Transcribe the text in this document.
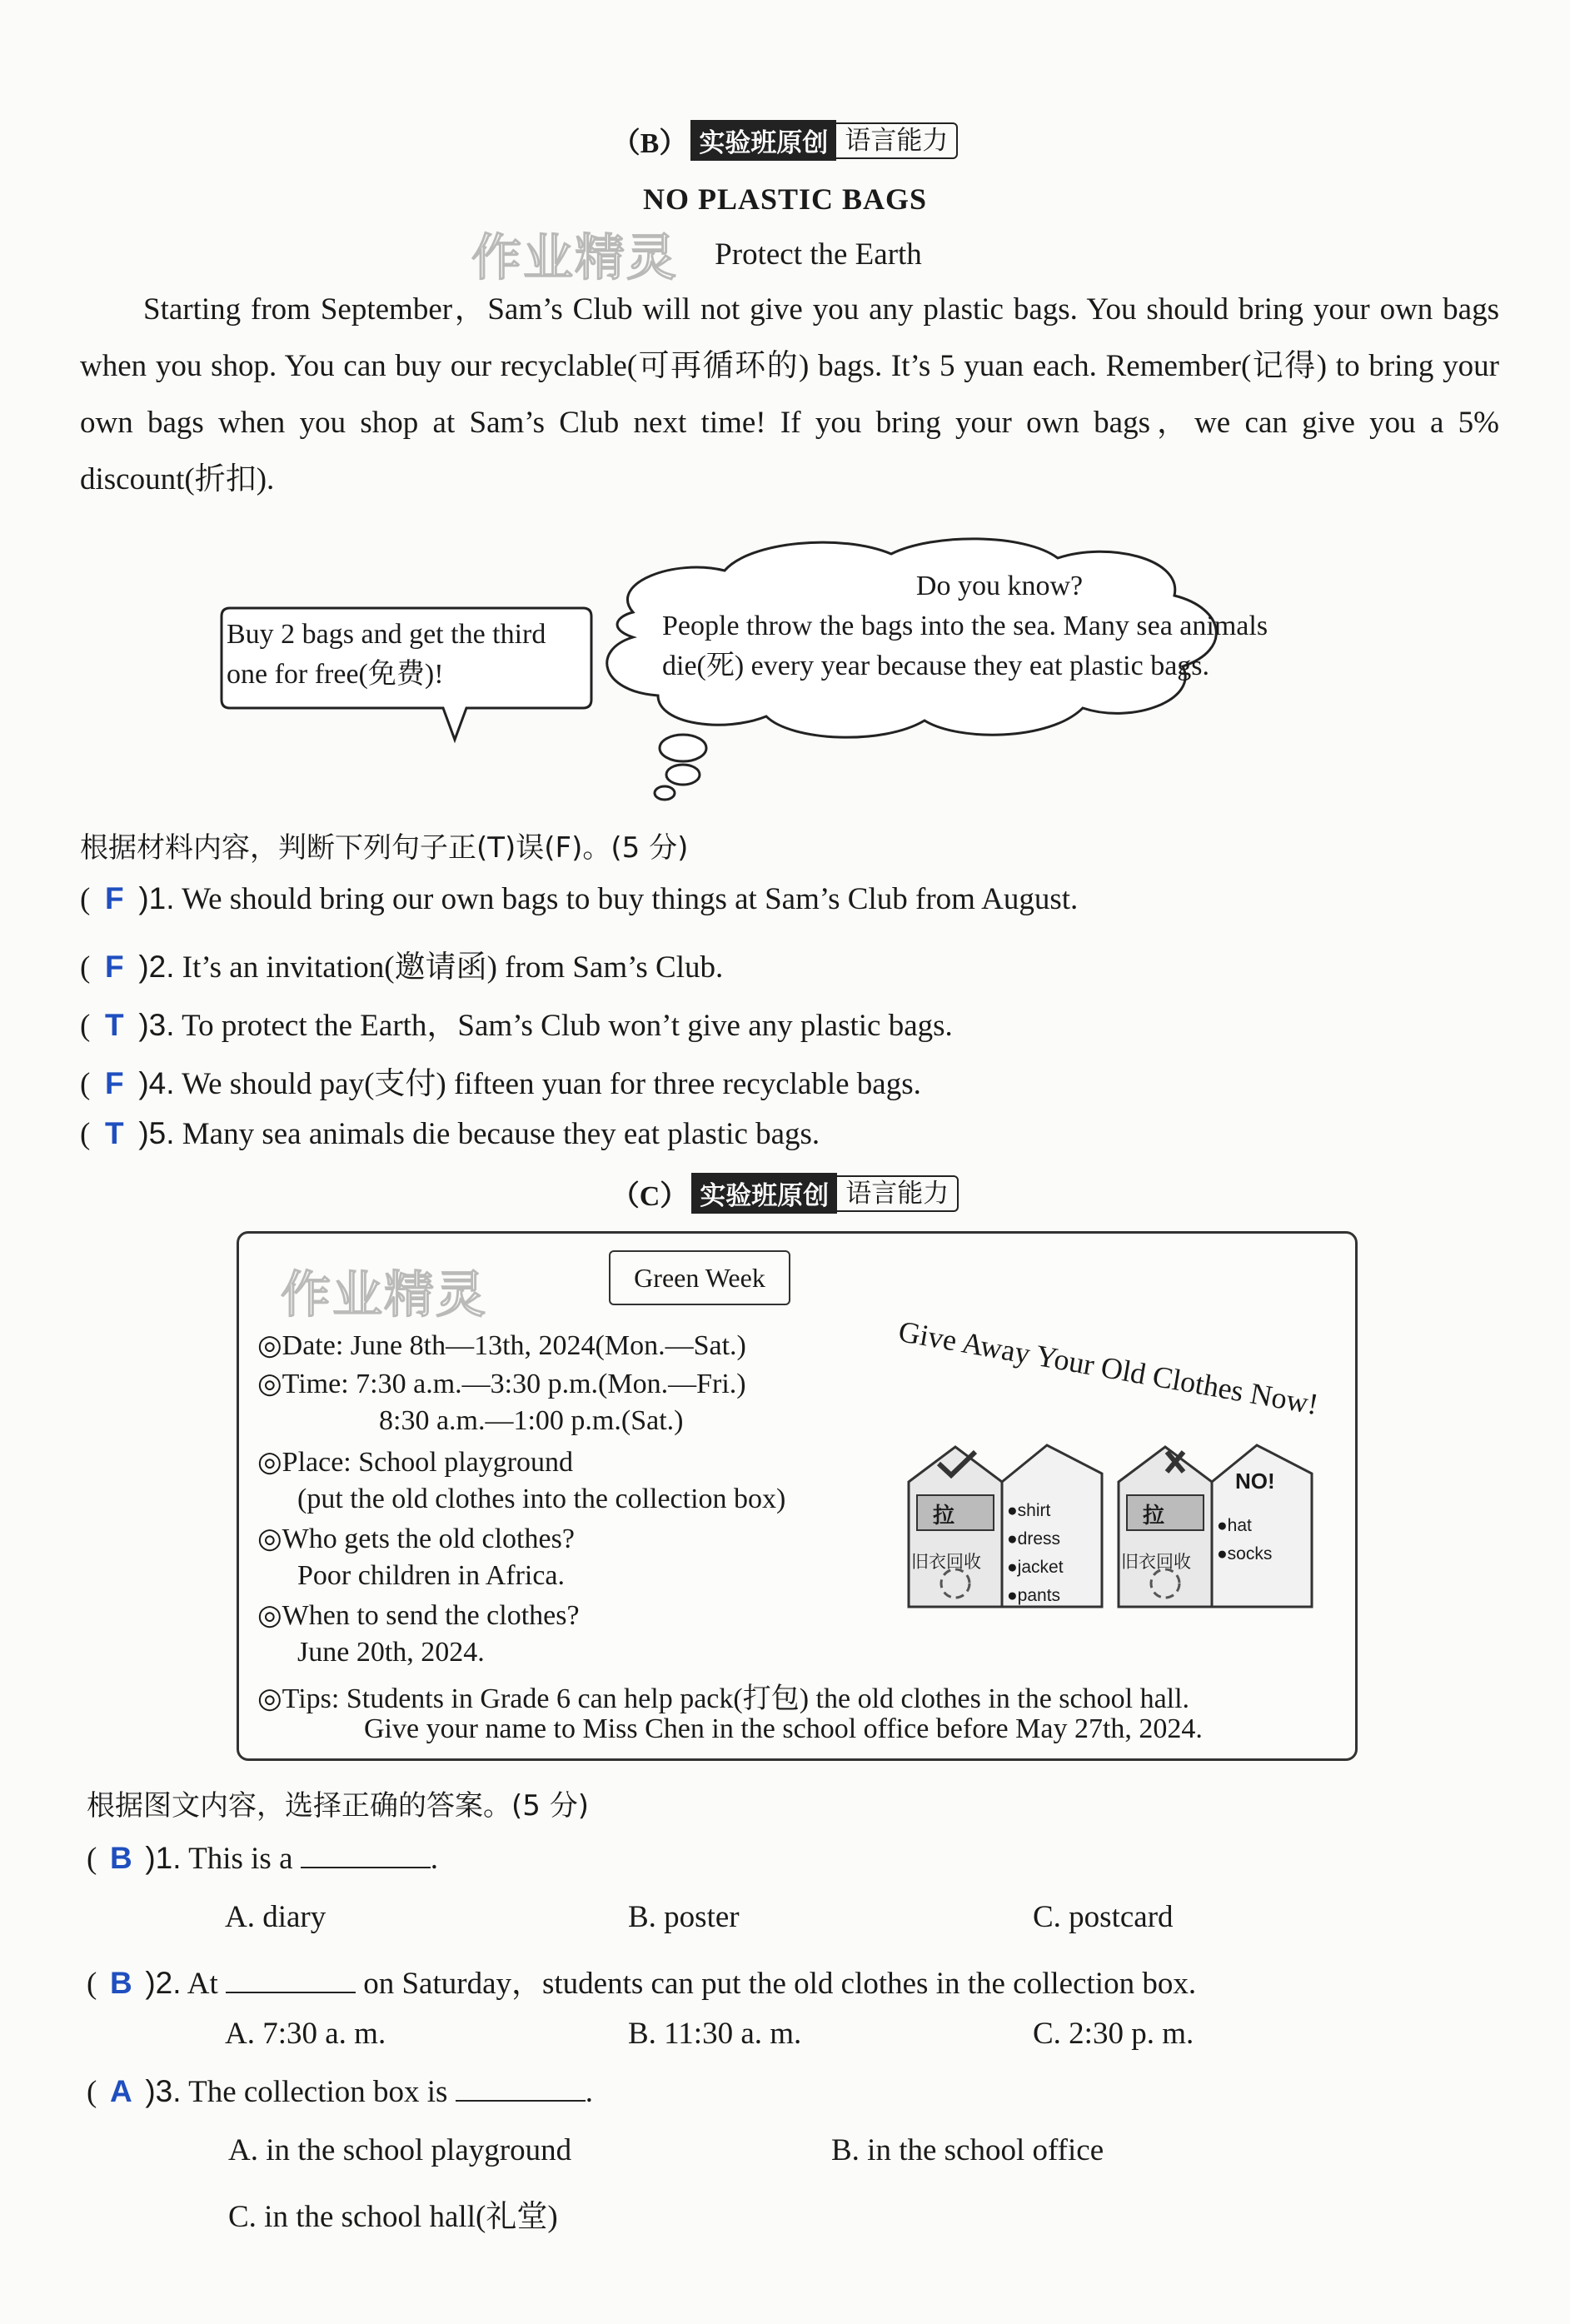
（B） 实验班原创 语言能力
NO PLASTIC BAGS
作业精灵	Protect the Earth

Starting from September，Sam’s Club will not give you any plastic bags. You should bring your own bags when you shop. You can buy our recyclable(可再循环的) bags. It’s 5 yuan each. Remember(记得) to bring your own bags when you shop at Sam’s Club next time! If you bring your own bags，we can give you a 5% discount(折扣).

Buy 2 bags and get the third one for free(免费)!
Do you know?
People throw the bags into the sea. Many sea animals die(死) every year because they eat plastic bags.
根据材料内容，判断下列句子正(T)误(F)。(5 分)
( F )1. We should bring our own bags to buy things at Sam’s Club from August.
( F )2. It’s an invitation(邀请函) from Sam’s Club.
( T )3. To protect the Earth，Sam’s Club won’t give any plastic bags.
( F )4. We should pay(支付) fifteen yuan for three recyclable bags.
( T )5. Many sea animals die because they eat plastic bags.
（C） 实验班原创 语言能力
作业精灵	Green Week
◎Date: June 8th—13th, 2024(Mon.—Sat.)
◎Time: 7:30 a.m.—3:30 p.m.(Mon.—Fri.)
8:30 a.m.—1:00 p.m.(Sat.)
◎Place: School playground
(put the old clothes into the collection box)
◎Who gets the old clothes?
Poor children in Africa.
◎When to send the clothes?
June 20th, 2024.
◎Tips: Students in Grade 6 can help pack(打包) the old clothes in the school hall.
Give your name to Miss Chen in the school office before May 27th, 2024.
Give Away Your Old Clothes Now!
拉
旧衣回收
●shirt
●dress
●jacket
●pants
拉
旧衣回收
NO!
●hat
●socks
根据图文内容，选择正确的答案。(5 分)
( B )1. This is a	.
A. diary	B. poster	C. postcard
( B )2. At	on Saturday，students can put the old clothes in the collection box.
A. 7:30 a. m.	B. 11:30 a. m.	C. 2:30 p. m.
( A )3. The collection box is	.
A. in the school playground	B. in the school office
C. in the school hall(礼堂)
